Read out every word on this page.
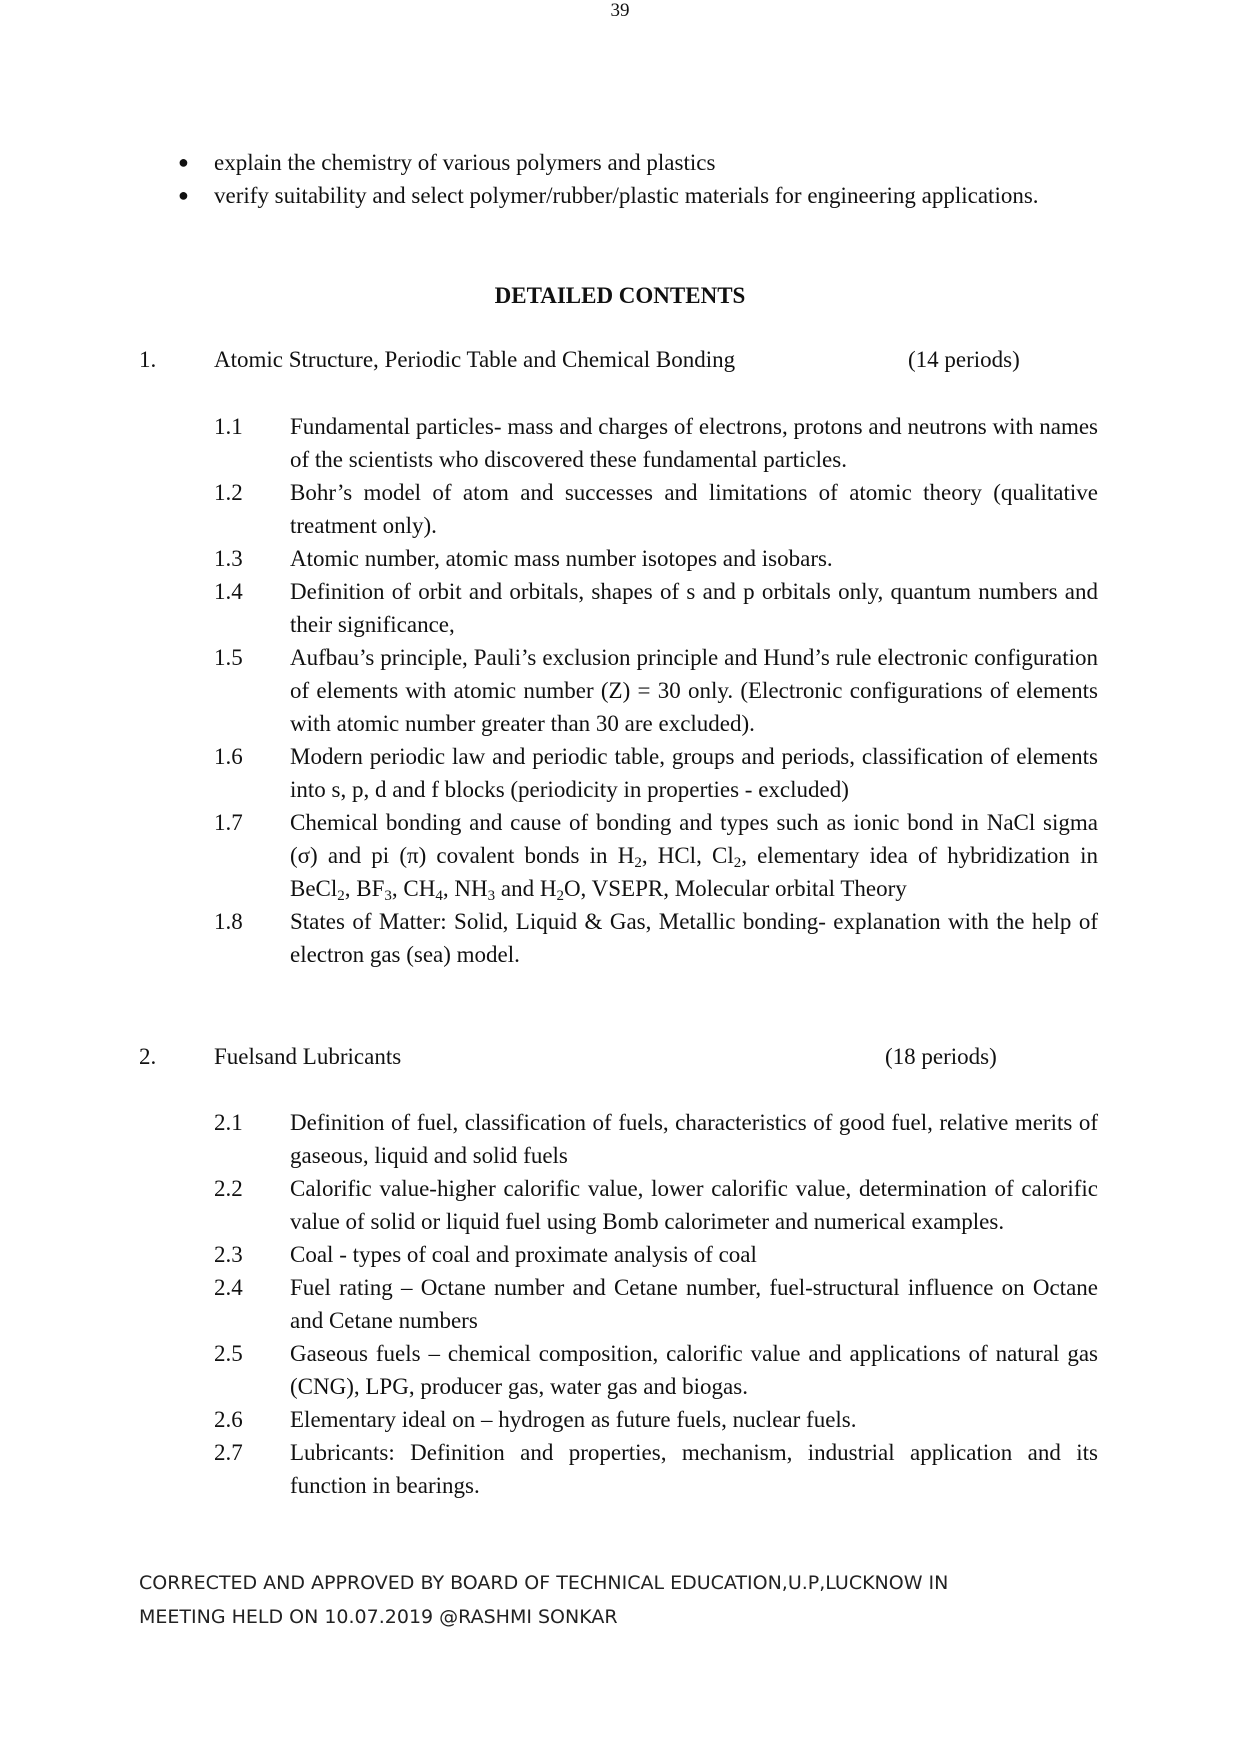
39
● explain the chemistry of various polymers and plastics
● verify suitability and select polymer/rubber/plastic materials for engineering applications.
DETAILED CONTENTS
1.	Atomic Structure, Periodic Table and Chemical Bonding	(14 periods)
1.1 Fundamental particles- mass and charges of electrons, protons and neutrons with names of the scientists who discovered these fundamental particles.
1.2 Bohr’s model of atom and successes and limitations of atomic theory (qualitative treatment only).
1.3 Atomic number, atomic mass number isotopes and isobars.
1.4 Definition of orbit and orbitals, shapes of s and p orbitals only, quantum numbers and their significance,
1.5 Aufbau’s principle, Pauli’s exclusion principle and Hund’s rule electronic configuration of elements with atomic number (Z) = 30 only. (Electronic configurations of elements with atomic number greater than 30 are excluded).
1.6 Modern periodic law and periodic table, groups and periods, classification of elements into s, p, d and f blocks (periodicity in properties - excluded)
1.7 Chemical bonding and cause of bonding and types such as ionic bond in NaCl sigma (σ) and pi (π) covalent bonds in $H_2$, HCl, $Cl_2$, elementary idea of hybridization in BeCl$_2$, $BF_3$, $CH_4$, $NH_3$ and $H_2O$, VSEPR, Molecular orbital Theory
1.8 States of Matter: Solid, Liquid & Gas, Metallic bonding- explanation with the help of electron gas (sea) model.
2.	Fuelsand Lubricants	(18 periods)
2.1 Definition of fuel, classification of fuels, characteristics of good fuel, relative merits of gaseous, liquid and solid fuels
2.2 Calorific value-higher calorific value, lower calorific value, determination of calorific value of solid or liquid fuel using Bomb calorimeter and numerical examples.
2.3 Coal - types of coal and proximate analysis of coal
2.4 Fuel rating – Octane number and Cetane number, fuel-structural influence on Octane and Cetane numbers
2.5 Gaseous fuels – chemical composition, calorific value and applications of natural gas (CNG), LPG, producer gas, water gas and biogas.
2.6 Elementary ideal on – hydrogen as future fuels, nuclear fuels.
2.7 Lubricants: Definition and properties, mechanism, industrial application and its function in bearings.
CORRECTED AND APPROVED BY BOARD OF TECHNICAL EDUCATION,U.P,LUCKNOW IN
MEETING HELD ON 10.07.2019 @RASHMI SONKAR
